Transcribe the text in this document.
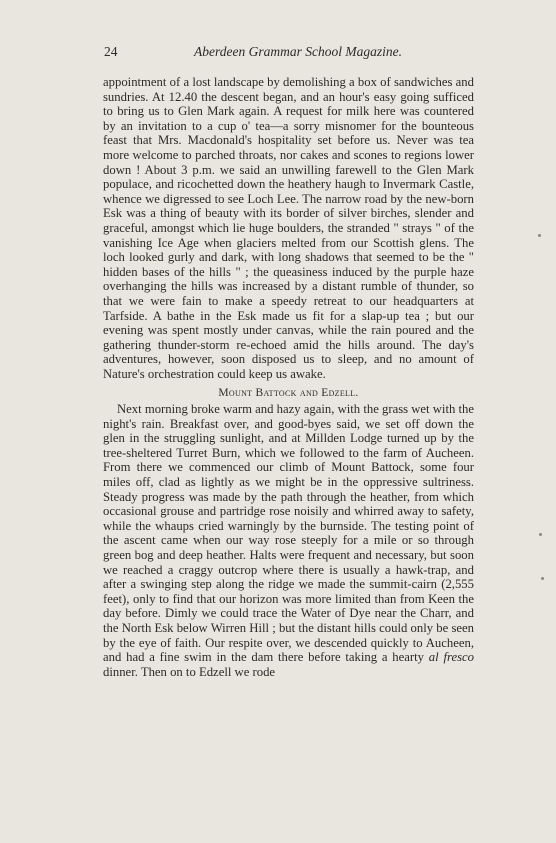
24	Aberdeen Grammar School Magazine.

appointment of a lost landscape by demolishing a box of sandwiches and sundries. At 12.40 the descent began, and an hour's easy going sufficed to bring us to Glen Mark again. A request for milk here was countered by an invitation to a cup o' tea—a sorry misnomer for the bounteous feast that Mrs. Macdonald's hospitality set before us. Never was tea more welcome to parched throats, nor cakes and scones to regions lower down ! About 3 p.m. we said an unwilling farewell to the Glen Mark populace, and ricochetted down the heathery haugh to Invermark Castle, whence we digressed to see Loch Lee. The narrow road by the new-born Esk was a thing of beauty with its border of silver birches, slender and graceful, amongst which lie huge boulders, the stranded " strays " of the vanishing Ice Age when glaciers melted from our Scottish glens. The loch looked gurly and dark, with long shadows that seemed to be the " hidden bases of the hills " ; the queasiness induced by the purple haze overhanging the hills was increased by a distant rumble of thunder, so that we were fain to make a speedy retreat to our headquarters at Tarfside. A bathe in the Esk made us fit for a slap-up tea ; but our evening was spent mostly under canvas, while the rain poured and the gathering thunder-storm re-echoed amid the hills around. The day's adventures, however, soon disposed us to sleep, and no amount of Nature's orchestration could keep us awake.

Mount Battock and Edzell.

Next morning broke warm and hazy again, with the grass wet with the night's rain. Breakfast over, and good-byes said, we set off down the glen in the struggling sunlight, and at Millden Lodge turned up by the tree-sheltered Turret Burn, which we followed to the farm of Aucheen. From there we commenced our climb of Mount Battock, some four miles off, clad as lightly as we might be in the oppressive sultriness. Steady progress was made by the path through the heather, from which occasional grouse and partridge rose noisily and whirred away to safety, while the whaups cried warningly by the burnside. The testing point of the ascent came when our way rose steeply for a mile or so through green bog and deep heather. Halts were frequent and necessary, but soon we reached a craggy outcrop where there is usually a hawk-trap, and after a swinging step along the ridge we made the summit-cairn (2,555 feet), only to find that our horizon was more limited than from Keen the day before. Dimly we could trace the Water of Dye near the Charr, and the North Esk below Wirren Hill ; but the distant hills could only be seen by the eye of faith. Our respite over, we descended quickly to Aucheen, and had a fine swim in the dam there before taking a hearty al fresco dinner. Then on to Edzell we rode
